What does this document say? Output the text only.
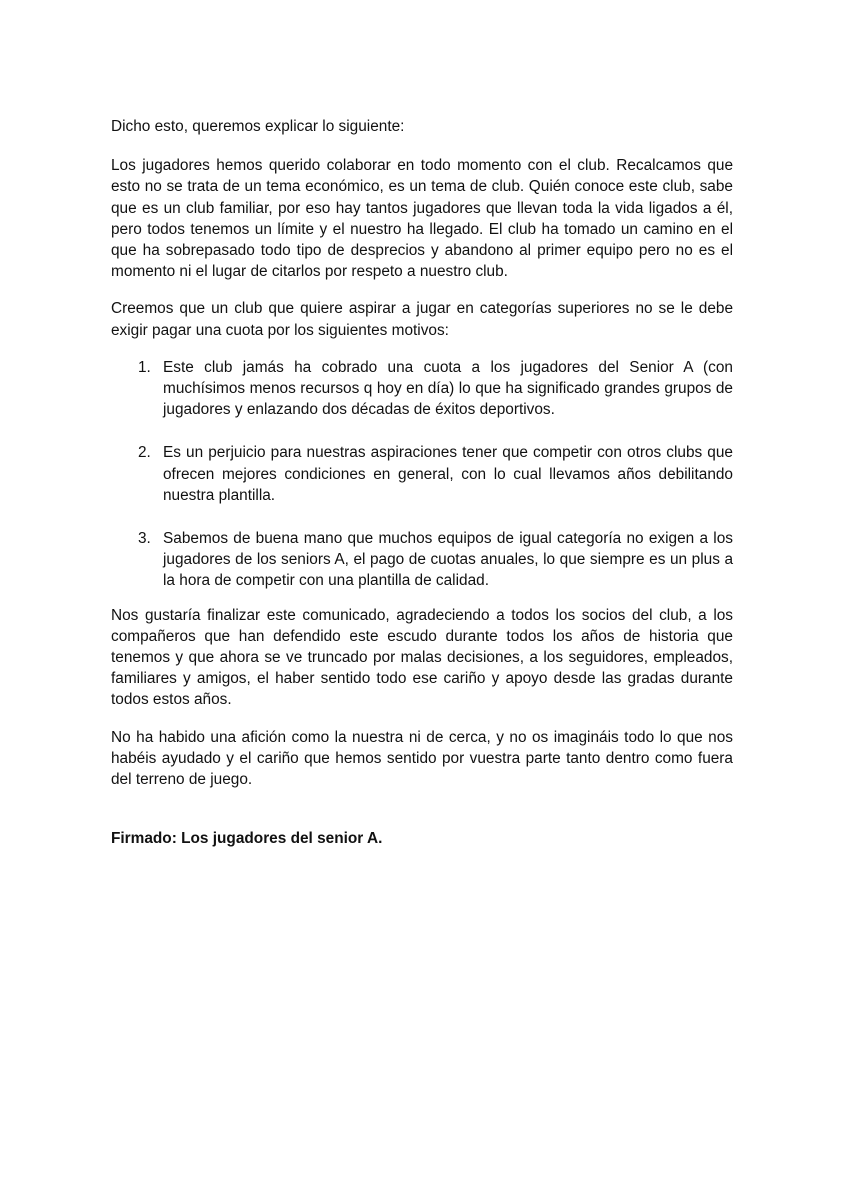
Dicho esto, queremos explicar lo siguiente:

Los jugadores hemos querido colaborar en todo momento con el club. Recalcamos que esto no se trata de un tema económico, es un tema de club. Quién conoce este club, sabe que es un club familiar, por eso hay tantos jugadores que llevan toda la vida ligados a él, pero todos tenemos un límite y el nuestro ha llegado. El club ha tomado un camino en el que ha sobrepasado todo tipo de desprecios y abandono al primer equipo pero no es el momento ni el lugar de citarlos por respeto a nuestro club.

Creemos que un club que quiere aspirar a jugar en categorías superiores no se le debe exigir pagar una cuota por los siguientes motivos:

1. Este club jamás ha cobrado una cuota a los jugadores del Senior A (con muchísimos menos recursos q hoy en día) lo que ha significado grandes grupos de jugadores y enlazando dos décadas de éxitos deportivos.
2. Es un perjuicio para nuestras aspiraciones tener que competir con otros clubs que ofrecen mejores condiciones en general, con lo cual llevamos años debilitando nuestra plantilla.
3. Sabemos de buena mano que muchos equipos de igual categoría no exigen a los jugadores de los seniors A, el pago de cuotas anuales, lo que siempre es un plus a la hora de competir con una plantilla de calidad.

Nos gustaría finalizar este comunicado, agradeciendo a todos los socios del club, a los compañeros que han defendido este escudo durante todos los años de historia que tenemos y que ahora se ve truncado por malas decisiones, a los seguidores, empleados, familiares y amigos, el haber sentido todo ese cariño y apoyo desde las gradas durante todos estos años.

No ha habido una afición como la nuestra ni de cerca, y no os imagináis todo lo que nos habéis ayudado y el cariño que hemos sentido por vuestra parte tanto dentro como fuera del terreno de juego.

Firmado: Los jugadores del senior A.
